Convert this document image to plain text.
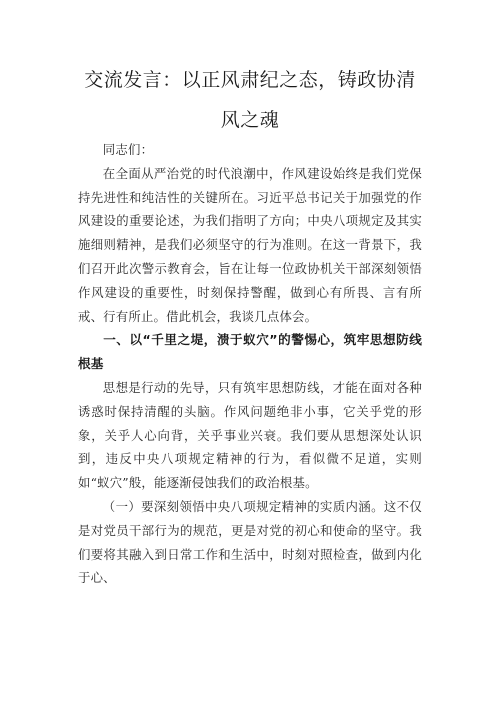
交流发言：以正风肃纪之态，铸政协清
风之魂

同志们：

在全面从严治党的时代浪潮中，作风建设始终是我们党保持先进性和纯洁性的关键所在。习近平总书记关于加强党的作风建设的重要论述，为我们指明了方向；中央八项规定及其实施细则精神，是我们必须坚守的行为准则。在这一背景下，我们召开此次警示教育会，旨在让每一位政协机关干部深刻领悟作风建设的重要性，时刻保持警醒，做到心有所畏、言有所戒、行有所止。借此机会，我谈几点体会。

一、以“千里之堤，溃于蚁穴”的警惕心，筑牢思想防线根基

思想是行动的先导，只有筑牢思想防线，才能在面对各种诱惑时保持清醒的头脑。作风问题绝非小事，它关乎党的形象，关乎人心向背，关乎事业兴衰。我们要从思想深处认识到，违反中央八项规定精神的行为，看似微不足道，实则如“蚁穴”般，能逐渐侵蚀我们的政治根基。

（一）要深刻领悟中央八项规定精神的实质内涵。这不仅是对党员干部行为的规范，更是对党的初心和使命的坚守。我们要将其融入到日常工作和生活中，时刻对照检查，做到内化于心、
